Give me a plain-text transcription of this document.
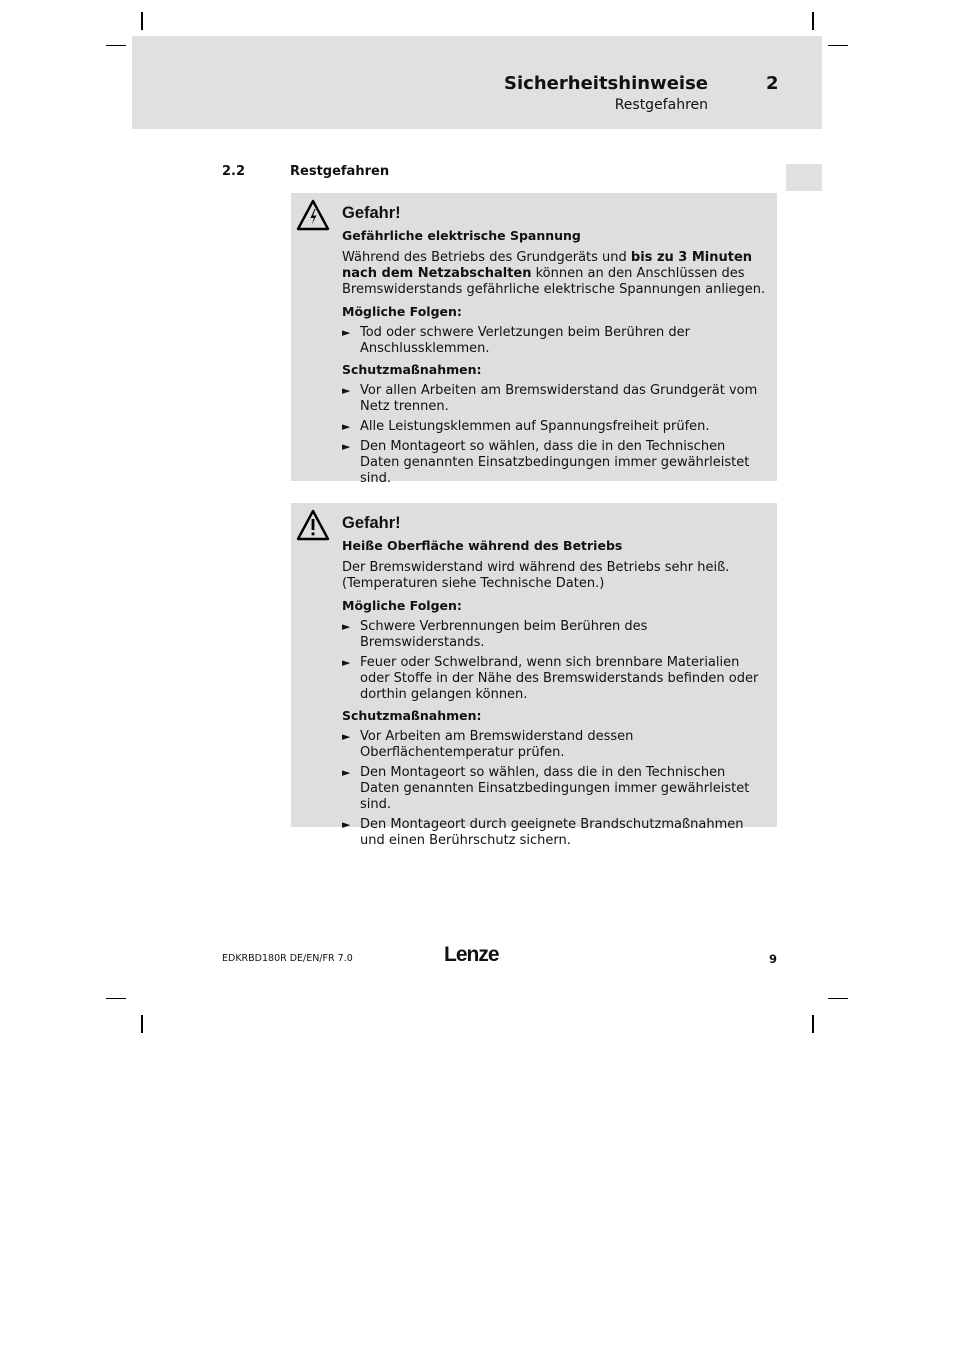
Sicherheitshinweise	2
Restgefahren
2.2	Restgefahren
Gefahr!
Gefährliche elektrische Spannung
Während des Betriebs des Grundgeräts und bis zu 3 Minuten nach dem Netzabschalten können an den Anschlüssen des Bremswiderstands gefährliche elektrische Spannungen anliegen.
Mögliche Folgen:
► Tod oder schwere Verletzungen beim Berühren der Anschlussklemmen.
Schutzmaßnahmen:
► Vor allen Arbeiten am Bremswiderstand das Grundgerät vom Netz trennen.
► Alle Leistungsklemmen auf Spannungsfreiheit prüfen.
► Den Montageort so wählen, dass die in den Technischen Daten genannten Einsatzbedingungen immer gewährleistet sind.
Gefahr!
Heiße Oberfläche während des Betriebs
Der Bremswiderstand wird während des Betriebs sehr heiß. (Temperaturen siehe Technische Daten.)
Mögliche Folgen:
► Schwere Verbrennungen beim Berühren des Bremswiderstands.
► Feuer oder Schwelbrand, wenn sich brennbare Materialien oder Stoffe in der Nähe des Bremswiderstands befinden oder dorthin gelangen können.
Schutzmaßnahmen:
► Vor Arbeiten am Bremswiderstand dessen Oberflächentemperatur prüfen.
► Den Montageort so wählen, dass die in den Technischen Daten genannten Einsatzbedingungen immer gewährleistet sind.
► Den Montageort durch geeignete Brandschutzmaßnahmen und einen Berührschutz sichern.
EDKRBD180R DE/EN/FR 7.0	Lenze	9
